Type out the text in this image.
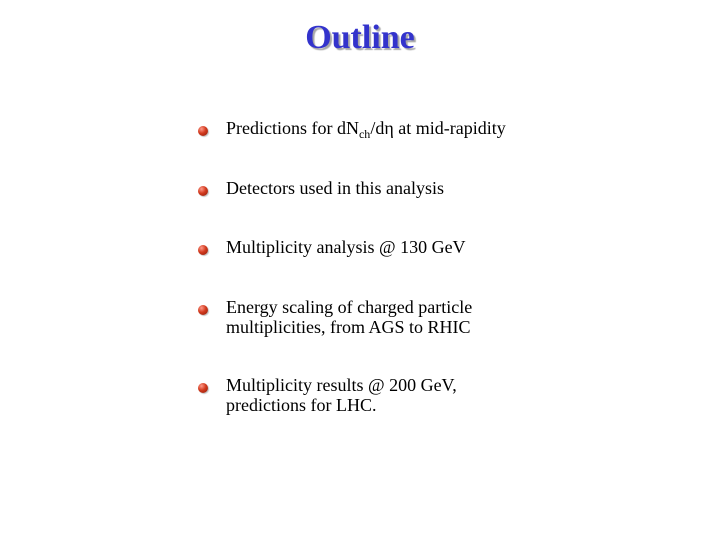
Outline
Predictions for $dN_{ch}/d\eta$ at mid-rapidity
Detectors used in this analysis
Multiplicity analysis @ 130 GeV
Energy scaling of charged particle
multiplicities, from AGS to RHIC
Multiplicity results @ 200 GeV,
predictions for LHC.
